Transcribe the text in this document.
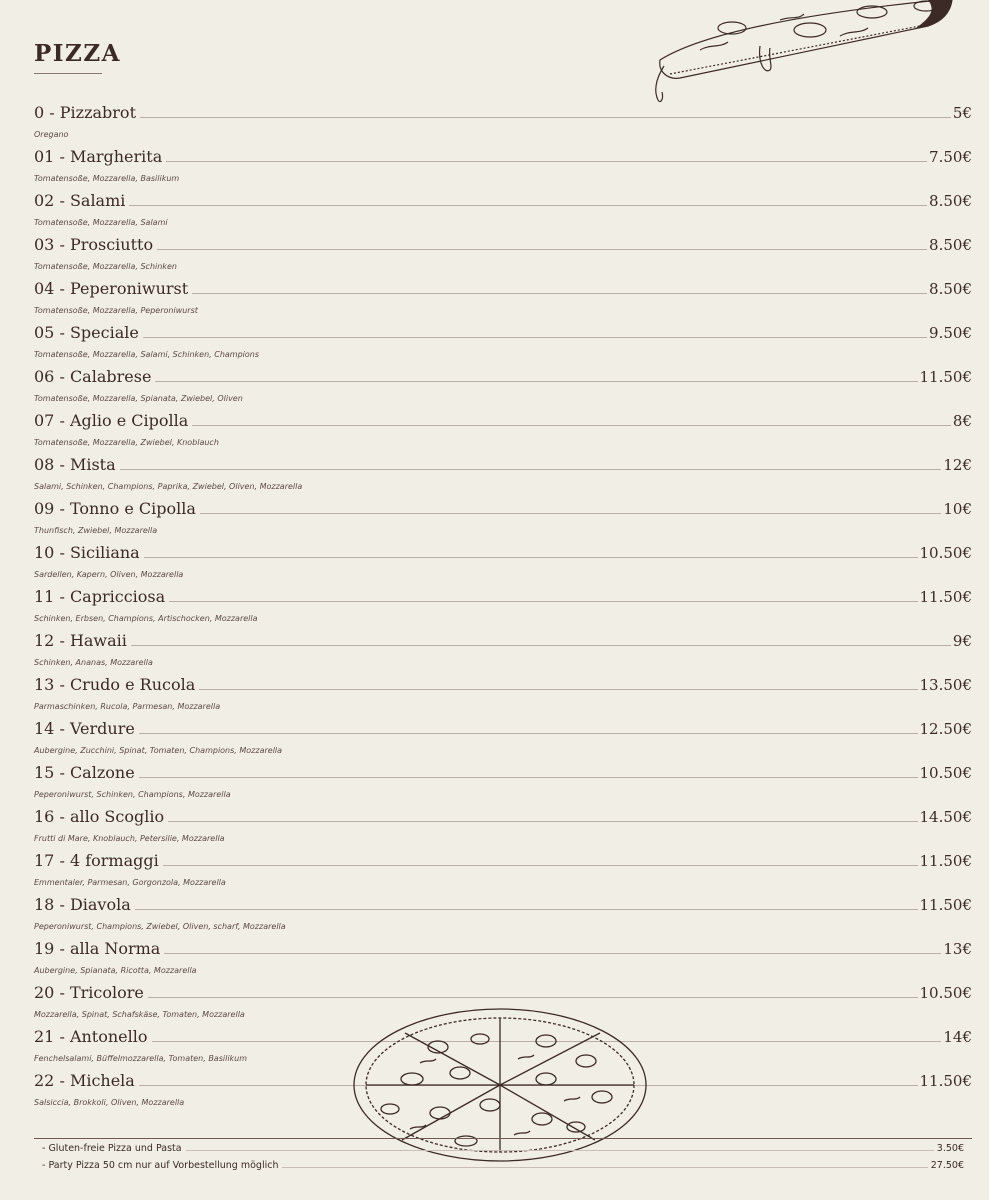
PIZZA
0 - Pizzabrot	5€
Oregano
01 - Margherita	7.50€
Tomatensoße, Mozzarella, Basilikum
02 - Salami	8.50€
Tomatensoße, Mozzarella, Salami
03 - Prosciutto	8.50€
Tomatensoße, Mozzarella, Schinken
04 - Peperoniwurst	8.50€
Tomatensoße, Mozzarella, Peperoniwurst
05 - Speciale	9.50€
Tomatensoße, Mozzarella, Salami, Schinken, Champions
06 - Calabrese	11.50€
Tomatensoße, Mozzarella, Spianata, Zwiebel, Oliven
07 - Aglio e Cipolla	8€
Tomatensoße, Mozzarella, Zwiebel, Knoblauch
08 - Mista	12€
Salami, Schinken, Champions, Paprika, Zwiebel, Oliven, Mozzarella
09 - Tonno e Cipolla	10€
Thunfisch, Zwiebel, Mozzarella
10 - Siciliana	10.50€
Sardellen, Kapern, Oliven, Mozzarella
11 - Capricciosa	11.50€
Schinken, Erbsen, Champions, Artischocken, Mozzarella
12 - Hawaii	9€
Schinken, Ananas, Mozzarella
13 - Crudo e Rucola	13.50€
Parmaschinken, Rucola, Parmesan, Mozzarella
14 - Verdure	12.50€
Aubergine, Zucchini, Spinat, Tomaten, Champions, Mozzarella
15 - Calzone	10.50€
Peperoniwurst, Schinken, Champions, Mozzarella
16 - allo Scoglio	14.50€
Frutti di Mare, Knoblauch, Petersilie, Mozzarella
17 - 4 formaggi	11.50€
Emmentaler, Parmesan, Gorgonzola, Mozzarella
18 - Diavola	11.50€
Peperoniwurst, Champions, Zwiebel, Oliven, scharf, Mozzarella
19 - alla Norma	13€
Aubergine, Spianata, Ricotta, Mozzarella
20 - Tricolore	10.50€
Mozzarella, Spinat, Schafskäse, Tomaten, Mozzarella
21 - Antonello	14€
Fenchelsalami, Büffelmozzarella, Tomaten, Basilikum
22 - Michela	11.50€
Salsiccia, Brokkoli, Oliven, Mozzarella
- Gluten-freie Pizza und Pasta	3.50€
- Party Pizza 50 cm nur auf Vorbestellung möglich	27.50€
